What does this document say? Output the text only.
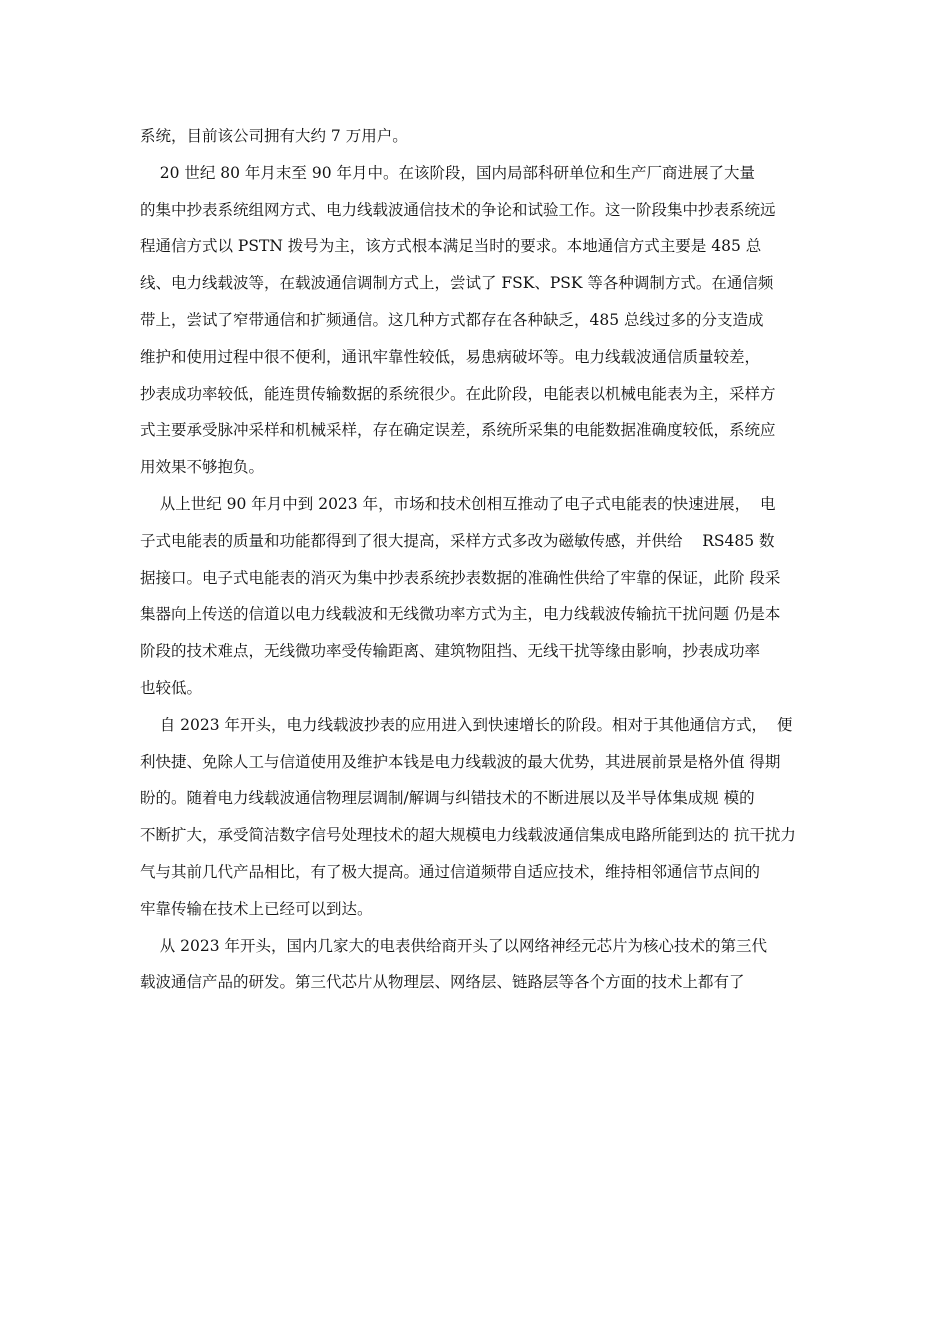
系统，目前该公司拥有大约 7 万用户。
20 世纪 80 年月末至 90 年月中。在该阶段，国内局部科研单位和生产厂商进展了大量
的集中抄表系统组网方式、电力线载波通信技术的争论和试验工作。这一阶段集中抄表系统远
程通信方式以 PSTN 拨号为主，该方式根本满足当时的要求。本地通信方式主要是 485 总
线、电力线载波等，在载波通信调制方式上，尝试了 FSK、PSK 等各种调制方式。在通信频
带上，尝试了窄带通信和扩频通信。这几种方式都存在各种缺乏，485 总线过多的分支造成
维护和使用过程中很不便利，通讯牢靠性较低，易患病破坏等。电力线载波通信质量较差，
抄表成功率较低，能连贯传输数据的系统很少。在此阶段，电能表以机械电能表为主，采样方
式主要承受脉冲采样和机械采样，存在确定误差，系统所采集的电能数据准确度较低，系统应
用效果不够抱负。
从上世纪 90 年月中到 2023 年，市场和技术创相互推动了电子式电能表的快速进展，  电
子式电能表的质量和功能都得到了很大提高，采样方式多改为磁敏传感，并供给    RS485 数
据接口。电子式电能表的消灭为集中抄表系统抄表数据的准确性供给了牢靠的保证，此阶 段采
集器向上传送的信道以电力线载波和无线微功率方式为主，电力线载波传输抗干扰问题 仍是本
阶段的技术难点，无线微功率受传输距离、建筑物阻挡、无线干扰等缘由影响，抄表成功率
也较低。
自 2023 年开头，电力线载波抄表的应用进入到快速增长的阶段。相对于其他通信方式，  便
利快捷、免除人工与信道使用及维护本钱是电力线载波的最大优势，其进展前景是格外值 得期
盼的。随着电力线载波通信物理层调制/解调与纠错技术的不断进展以及半导体集成规 模的
不断扩大，承受简洁数字信号处理技术的超大规模电力线载波通信集成电路所能到达的 抗干扰力
气与其前几代产品相比，有了极大提高。通过信道频带自适应技术，维持相邻通信节点间的
牢靠传输在技术上已经可以到达。
从 2023 年开头，国内几家大的电表供给商开头了以网络神经元芯片为核心技术的第三代
载波通信产品的研发。第三代芯片从物理层、网络层、链路层等各个方面的技术上都有了
